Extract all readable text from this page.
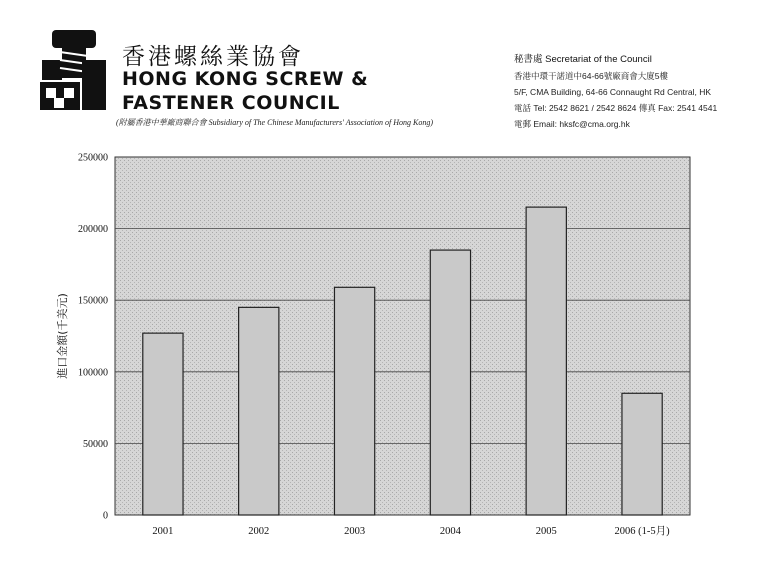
香港螺絲業協會
HONG KONG SCREW &
FASTENER COUNCIL
(附屬香港中華廠商聯合會 Subsidiary of The Chinese Manufacturers' Association of Hong Kong)
秘書處 Secretariat of the Council
香港中環干諾道中64-66號廠商會大廈5樓
5/F, CMA Building, 64-66 Connaught Rd Central, HK
電話 Tel: 2542 8621 / 2542 8624 傳真 Fax: 2541 4541
電郵 Email: hksfc@cma.org.hk
0
50000
100000
150000
200000
250000
2001	2002	2003	2004	2005	2006 (1-5月)
進口金額(千美元)
